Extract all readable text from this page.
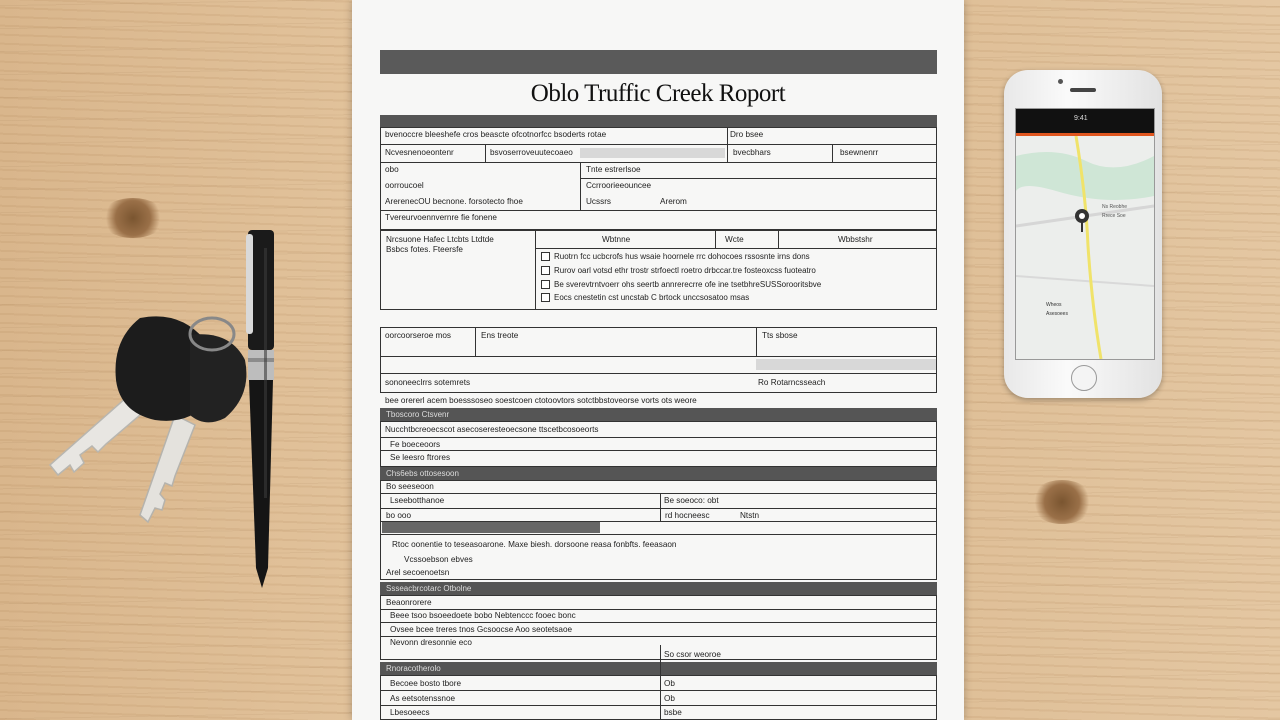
Oblo Truffic Creek Roport
bvenoccre bleeshefe cros beascte ofcotnorfcc bsoderts rotae	Dro bsee
Ncvesnenoeontenr	bsvoserroveuutecoaeo	bvecbhars	bsewnenrr
obo	Tnte estrerlsoe
oorroucoel	Ccrroorieeouncee
ArerenecOU becnone. forsotecto fhoe	Ucssrs	Arerom
Tvereurvoennvernre fie fonene
Nrcsuone Hafec Ltcbts Ltdtde
Bsbcs fotes. Fteersfe
Wbtnne	Wcte	Wbbstshr
Ruotrn fcc ucbcrofs hus wsaie hoornele rrc dohocoes rssosnte irns dons
Rurov oarl votsd ethr trostr strfoectl roetro drbccar.tre fosteoxcss fuoteatro
Be sverevtrntvoerr ohs seertb annrerecrre ofe ine tsetbhreSUSSorooritsbve
Eocs cnestetin cst uncstab C brtock unccsosatoo msas
oorcoorseroe mos	Ens treote	Tts sbose
sononeeclrrs sotemrets	Ro Rotarncsseach
bee orererl acem boesssoseo soestcoen ctotoovtors sotctbbstoveorse vorts ots weore
Tboscoro Ctsvenr
Nucchtbcreoecscot asecoseresteoecsone ttscetbcosoeorts
Fe boeceoors
Se leesro ftrores
Chs6ebs ottosesoon
Bo seeseoon
Lseebotthanoe	Be soeoco: obt
bo ooo	rd hocneesc	Ntstn
Rtoc oonentie to teseasoarone. Maxe biesh. dorsoone reasa fonbfts. feeasaon
Vcssoebson ebves
Arel secoenoetsn
Ssseacbrcotarc Otbolne
Beaonrorere
Beee tsoo bsoeedoete bobo Nebtenccc fooec bonc
Ovsee bcee treres tnos Gcsoocse Aoo seotetsaoe
Nevonn dresonnie eco
Rnoracotherolo
So csor weoroe
Becoee bosto tbore	Ob
As eetsotenssnoe	Ob
Lbesoeecs	bsbe
9:41
Ns Reobhe
Rrece Soe
Wheos
Asesoees
